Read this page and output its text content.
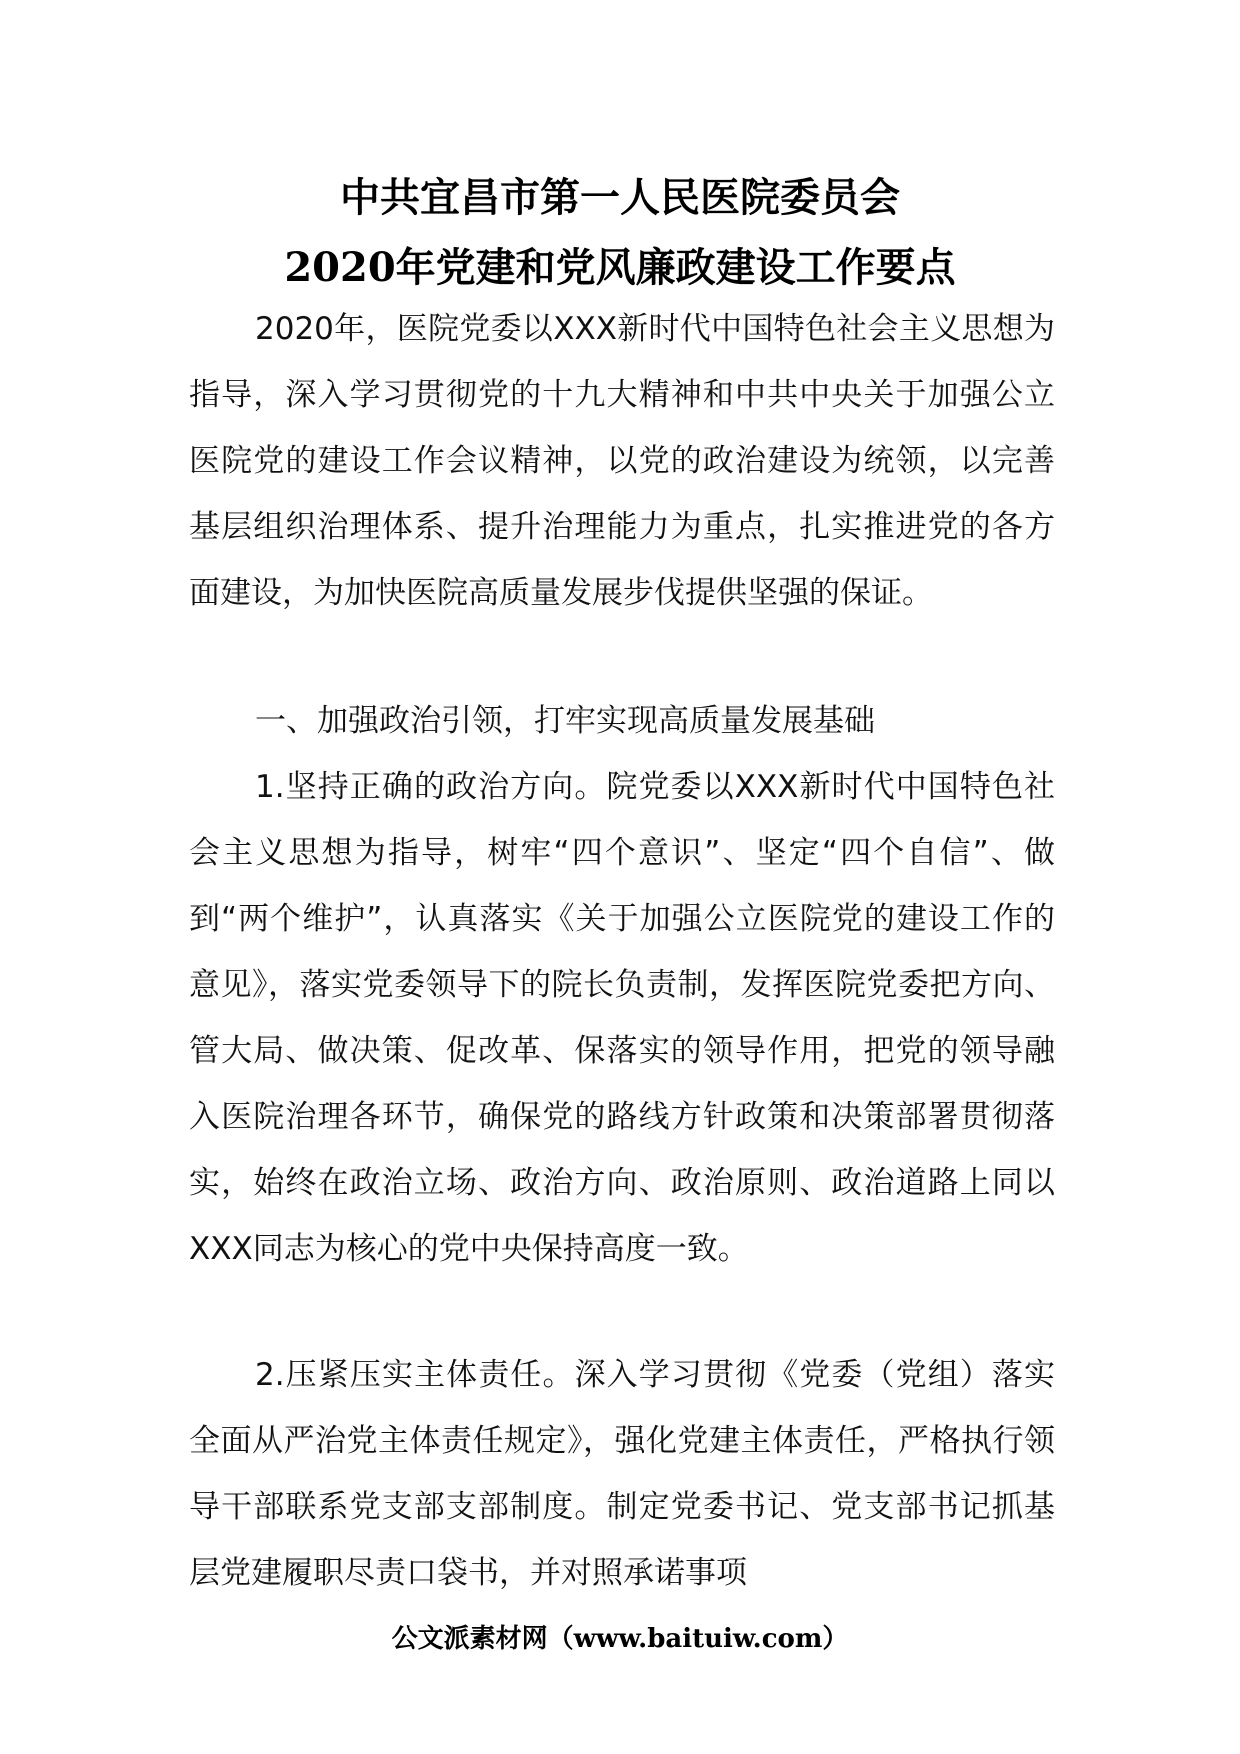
中共宜昌市第一人民医院委员会
2020年党建和党风廉政建设工作要点

2020年，医院党委以XXX新时代中国特色社会主义思想为指导，深入学习贯彻党的十九大精神和中共中央关于加强公立医院党的建设工作会议精神，以党的政治建设为统领，以完善基层组织治理体系、提升治理能力为重点，扎实推进党的各方面建设，为加快医院高质量发展步伐提供坚强的保证。

一、加强政治引领，打牢实现高质量发展基础

1.坚持正确的政治方向。院党委以XXX新时代中国特色社会主义思想为指导，树牢“四个意识”、坚定“四个自信”、做到“两个维护”，认真落实《关于加强公立医院党的建设工作的意见》，落实党委领导下的院长负责制，发挥医院党委把方向、管大局、做决策、促改革、保落实的领导作用，把党的领导融入医院治理各环节，确保党的路线方针政策和决策部署贯彻落实，始终在政治立场、政治方向、政治原则、政治道路上同以XXX同志为核心的党中央保持高度一致。

2.压紧压实主体责任。深入学习贯彻《党委（党组）落实全面从严治党主体责任规定》，强化党建主体责任，严格执行领导干部联系党支部支部制度。制定党委书记、党支部书记抓基层党建履职尽责口袋书，并对照承诺事项

公文派素材网（www.baituiw.com）
